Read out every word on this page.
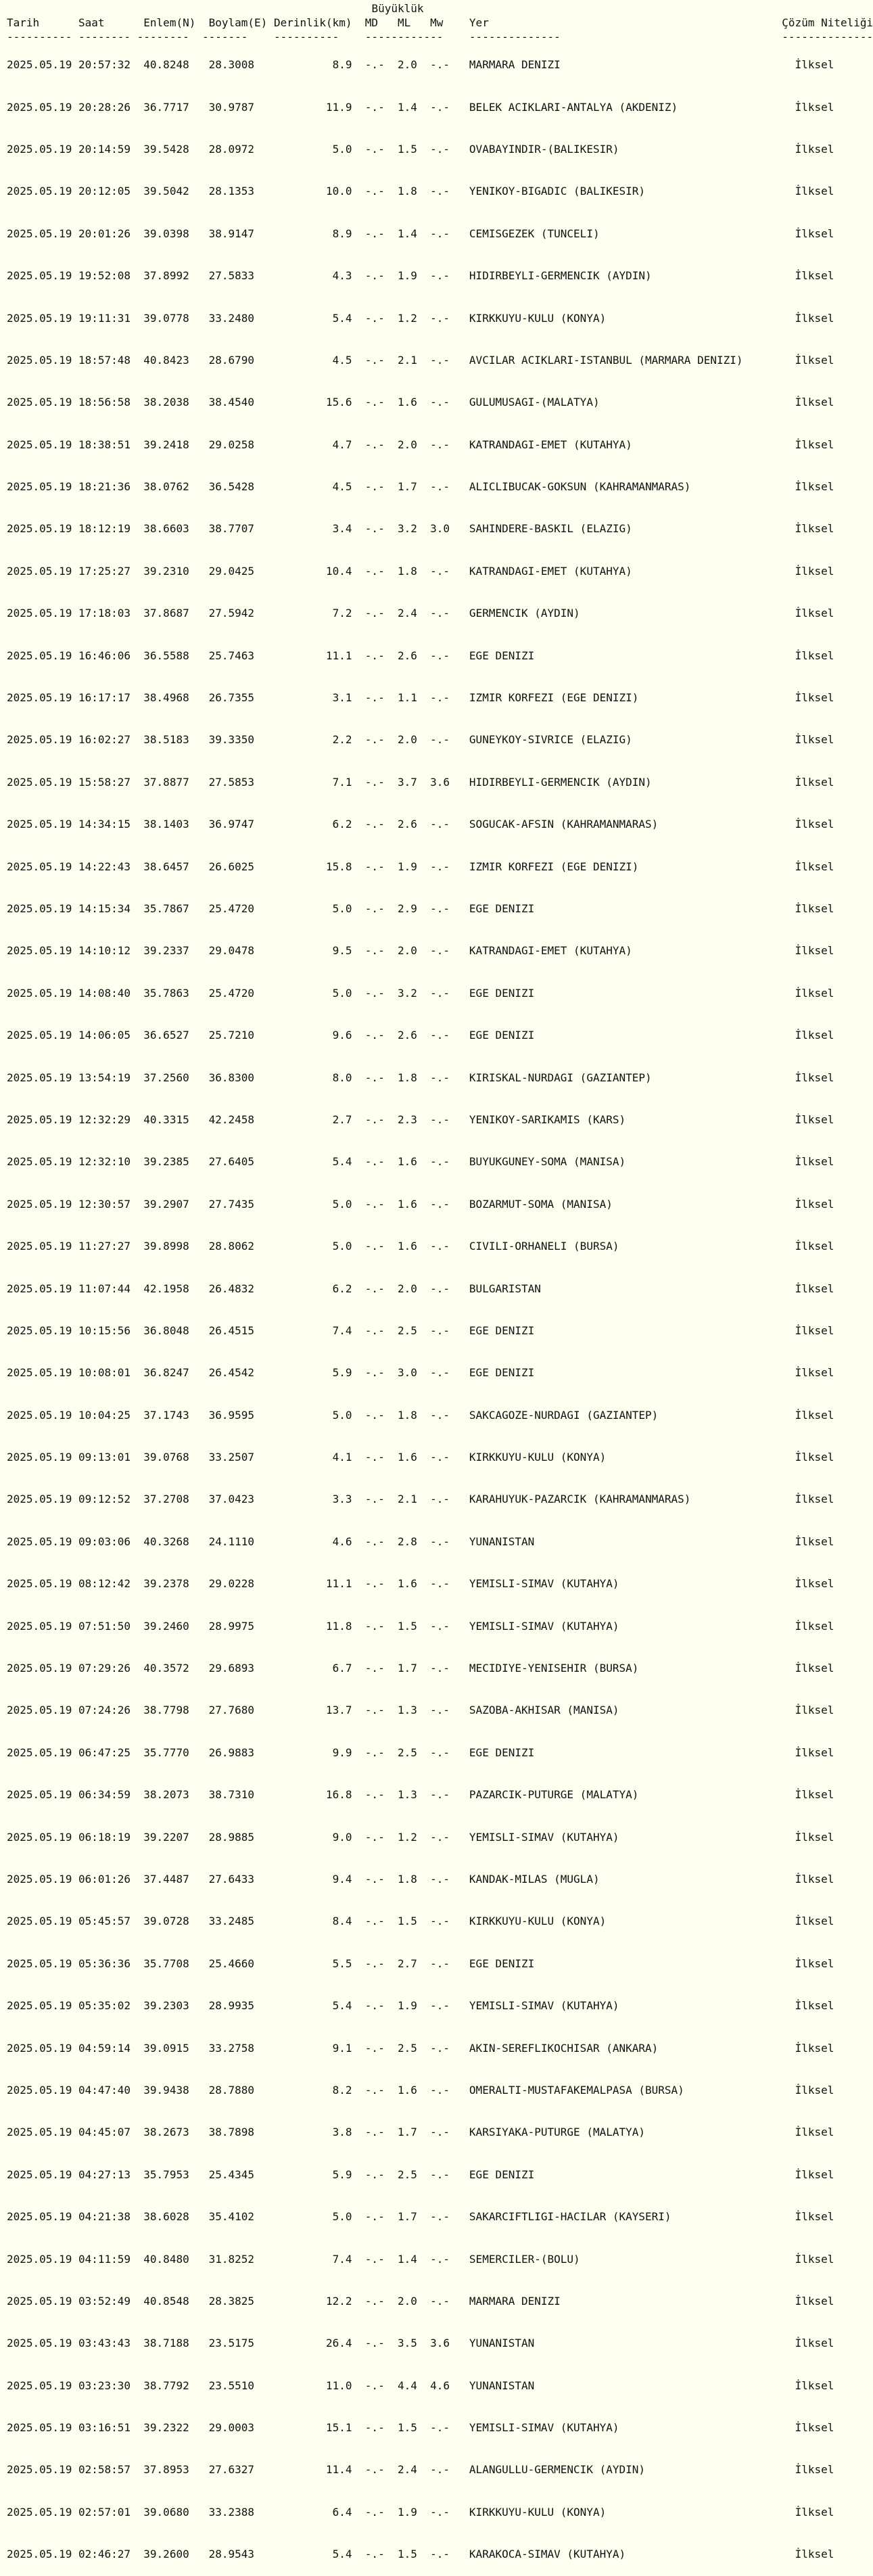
Büyüklük
Tarih	Saat	Enlem(N) Boylam(E) Derinlik(km) MD ML Mw Yer	Çözüm Niteliği
---------- -------- -------- ------- ---------- ------------ --------------	--------------

2025.05.19 20:57:32 40.8248 28.3008	8.9 -.- 2.0 -.- MARMARA DENIZI	İlksel

2025.05.19 20:28:26 36.7717 30.9787	11.9 -.- 1.4 -.- BELEK ACIKLARI-ANTALYA (AKDENIZ)	İlksel

2025.05.19 20:14:59 39.5428 28.0972	5.0 -.- 1.5 -.- OVABAYINDIR-(BALIKESIR)	İlksel

2025.05.19 20:12:05 39.5042 28.1353	10.0 -.- 1.8 -.- YENIKOY-BIGADIC (BALIKESIR)	İlksel

2025.05.19 20:01:26 39.0398 38.9147	8.9 -.- 1.4 -.- CEMISGEZEK (TUNCELI)	İlksel

2025.05.19 19:52:08 37.8992 27.5833	4.3 -.- 1.9 -.- HIDIRBEYLI-GERMENCIK (AYDIN)	İlksel

2025.05.19 19:11:31 39.0778 33.2480	5.4 -.- 1.2 -.- KIRKKUYU-KULU (KONYA)	İlksel

2025.05.19 18:57:48 40.8423 28.6790	4.5 -.- 2.1 -.- AVCILAR ACIKLARI-ISTANBUL (MARMARA DENIZI)	İlksel

2025.05.19 18:56:58 38.2038 38.4540	15.6 -.- 1.6 -.- GULUMUSAGI-(MALATYA)	İlksel

2025.05.19 18:38:51 39.2418 29.0258	4.7 -.- 2.0 -.- KATRANDAGI-EMET (KUTAHYA)	İlksel

2025.05.19 18:21:36 38.0762 36.5428	4.5 -.- 1.7 -.- ALICLIBUCAK-GOKSUN (KAHRAMANMARAS)	İlksel

2025.05.19 18:12:19 38.6603 38.7707	3.4 -.- 3.2 3.0 SAHINDERE-BASKIL (ELAZIG)	İlksel

2025.05.19 17:25:27 39.2310 29.0425	10.4 -.- 1.8 -.- KATRANDAGI-EMET (KUTAHYA)	İlksel

2025.05.19 17:18:03 37.8687 27.5942	7.2 -.- 2.4 -.- GERMENCIK (AYDIN)	İlksel

2025.05.19 16:46:06 36.5588 25.7463	11.1 -.- 2.6 -.- EGE DENIZI	İlksel

2025.05.19 16:17:17 38.4968 26.7355	3.1 -.- 1.1 -.- IZMIR KORFEZI (EGE DENIZI)	İlksel

2025.05.19 16:02:27 38.5183 39.3350	2.2 -.- 2.0 -.- GUNEYKOY-SIVRICE (ELAZIG)	İlksel

2025.05.19 15:58:27 37.8877 27.5853	7.1 -.- 3.7 3.6 HIDIRBEYLI-GERMENCIK (AYDIN)	İlksel

2025.05.19 14:34:15 38.1403 36.9747	6.2 -.- 2.6 -.- SOGUCAK-AFSIN (KAHRAMANMARAS)	İlksel

2025.05.19 14:22:43 38.6457 26.6025	15.8 -.- 1.9 -.- IZMIR KORFEZI (EGE DENIZI)	İlksel

2025.05.19 14:15:34 35.7867 25.4720	5.0 -.- 2.9 -.- EGE DENIZI	İlksel

2025.05.19 14:10:12 39.2337 29.0478	9.5 -.- 2.0 -.- KATRANDAGI-EMET (KUTAHYA)	İlksel

2025.05.19 14:08:40 35.7863 25.4720	5.0 -.- 3.2 -.- EGE DENIZI	İlksel

2025.05.19 14:06:05 36.6527 25.7210	9.6 -.- 2.6 -.- EGE DENIZI	İlksel

2025.05.19 13:54:19 37.2560 36.8300	8.0 -.- 1.8 -.- KIRISKAL-NURDAGI (GAZIANTEP)	İlksel

2025.05.19 12:32:29 40.3315 42.2458	2.7 -.- 2.3 -.- YENIKOY-SARIKAMIS (KARS)	İlksel

2025.05.19 12:32:10 39.2385 27.6405	5.4 -.- 1.6 -.- BUYUKGUNEY-SOMA (MANISA)	İlksel

2025.05.19 12:30:57 39.2907 27.7435	5.0 -.- 1.6 -.- BOZARMUT-SOMA (MANISA)	İlksel

2025.05.19 11:27:27 39.8998 28.8062	5.0 -.- 1.6 -.- CIVILI-ORHANELI (BURSA)	İlksel

2025.05.19 11:07:44 42.1958 26.4832	6.2 -.- 2.0 -.- BULGARISTAN	İlksel

2025.05.19 10:15:56 36.8048 26.4515	7.4 -.- 2.5 -.- EGE DENIZI	İlksel

2025.05.19 10:08:01 36.8247 26.4542	5.9 -.- 3.0 -.- EGE DENIZI	İlksel

2025.05.19 10:04:25 37.1743 36.9595	5.0 -.- 1.8 -.- SAKCAGOZE-NURDAGI (GAZIANTEP)	İlksel

2025.05.19 09:13:01 39.0768 33.2507	4.1 -.- 1.6 -.- KIRKKUYU-KULU (KONYA)	İlksel

2025.05.19 09:12:52 37.2708 37.0423	3.3 -.- 2.1 -.- KARAHUYUK-PAZARCIK (KAHRAMANMARAS)	İlksel

2025.05.19 09:03:06 40.3268 24.1110	4.6 -.- 2.8 -.- YUNANISTAN	İlksel

2025.05.19 08:12:42 39.2378 29.0228	11.1 -.- 1.6 -.- YEMISLI-SIMAV (KUTAHYA)	İlksel

2025.05.19 07:51:50 39.2460 28.9975	11.8 -.- 1.5 -.- YEMISLI-SIMAV (KUTAHYA)	İlksel

2025.05.19 07:29:26 40.3572 29.6893	6.7 -.- 1.7 -.- MECIDIYE-YENISEHIR (BURSA)	İlksel

2025.05.19 07:24:26 38.7798 27.7680	13.7 -.- 1.3 -.- SAZOBA-AKHISAR (MANISA)	İlksel

2025.05.19 06:47:25 35.7770 26.9883	9.9 -.- 2.5 -.- EGE DENIZI	İlksel

2025.05.19 06:34:59 38.2073 38.7310	16.8 -.- 1.3 -.- PAZARCIK-PUTURGE (MALATYA)	İlksel

2025.05.19 06:18:19 39.2207 28.9885	9.0 -.- 1.2 -.- YEMISLI-SIMAV (KUTAHYA)	İlksel

2025.05.19 06:01:26 37.4487 27.6433	9.4 -.- 1.8 -.- KANDAK-MILAS (MUGLA)	İlksel

2025.05.19 05:45:57 39.0728 33.2485	8.4 -.- 1.5 -.- KIRKKUYU-KULU (KONYA)	İlksel

2025.05.19 05:36:36 35.7708 25.4660	5.5 -.- 2.7 -.- EGE DENIZI	İlksel

2025.05.19 05:35:02 39.2303 28.9935	5.4 -.- 1.9 -.- YEMISLI-SIMAV (KUTAHYA)	İlksel

2025.05.19 04:59:14 39.0915 33.2758	9.1 -.- 2.5 -.- AKIN-SEREFLIKOCHISAR (ANKARA)	İlksel

2025.05.19 04:47:40 39.9438 28.7880	8.2 -.- 1.6 -.- OMERALTI-MUSTAFAKEMALPASA (BURSA)	İlksel

2025.05.19 04:45:07 38.2673 38.7898	3.8 -.- 1.7 -.- KARSIYAKA-PUTURGE (MALATYA)	İlksel

2025.05.19 04:27:13 35.7953 25.4345	5.9 -.- 2.5 -.- EGE DENIZI	İlksel

2025.05.19 04:21:38 38.6028 35.4102	5.0 -.- 1.7 -.- SAKARCIFTLIGI-HACILAR (KAYSERI)	İlksel

2025.05.19 04:11:59 40.8480 31.8252	7.4 -.- 1.4 -.- SEMERCILER-(BOLU)	İlksel

2025.05.19 03:52:49 40.8548 28.3825	12.2 -.- 2.0 -.- MARMARA DENIZI	İlksel

2025.05.19 03:43:43 38.7188 23.5175	26.4 -.- 3.5 3.6 YUNANISTAN	İlksel

2025.05.19 03:23:30 38.7792 23.5510	11.0 -.- 4.4 4.6 YUNANISTAN	İlksel

2025.05.19 03:16:51 39.2322 29.0003	15.1 -.- 1.5 -.- YEMISLI-SIMAV (KUTAHYA)	İlksel

2025.05.19 02:58:57 37.8953 27.6327	11.4 -.- 2.4 -.- ALANGULLU-GERMENCIK (AYDIN)	İlksel

2025.05.19 02:57:01 39.0680 33.2388	6.4 -.- 1.9 -.- KIRKKUYU-KULU (KONYA)	İlksel

2025.05.19 02:46:27 39.2600 28.9543	5.4 -.- 1.5 -.- KARAKOCA-SIMAV (KUTAHYA)	İlksel
